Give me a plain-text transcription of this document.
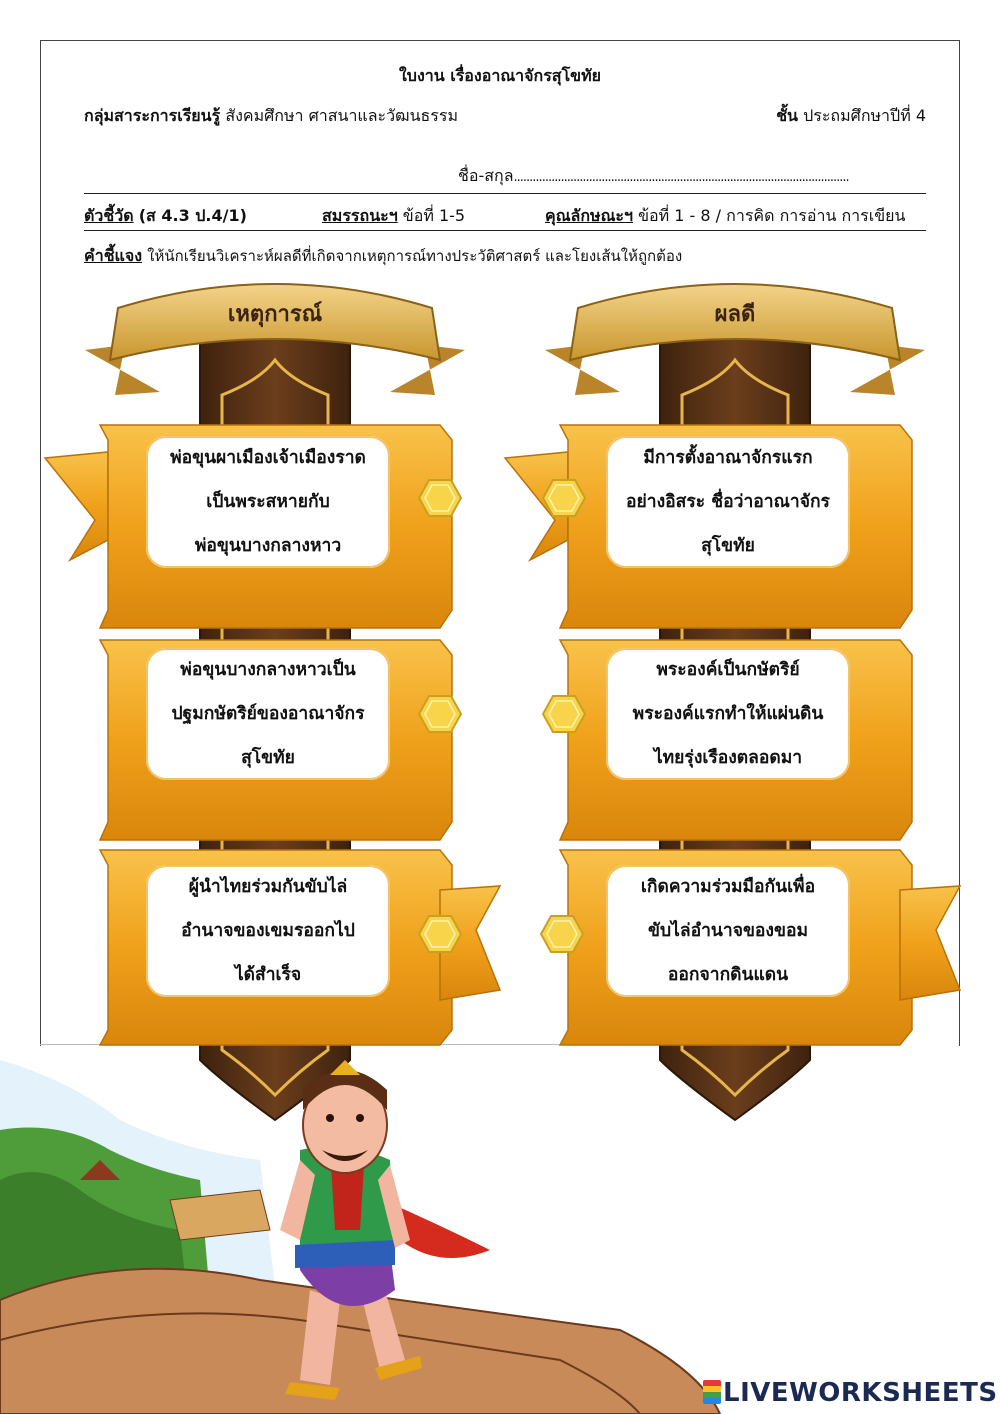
ใบงาน เรื่องอาณาจักรสุโขทัย
กลุ่มสาระการเรียนรู้ สังคมศึกษา ศาสนาและวัฒนธรรม	ชั้น ประถมศึกษาปีที่ 4
ชื่อ-สกุล...........................................................................................................
ตัวชี้วัด (ส 4.3 ป.4/1)	สมรรถนะฯ ข้อที่ 1-5	คุณลักษณะฯ ข้อที่ 1 - 8 / การคิด การอ่าน การเขียน
คำชี้แจง ให้นักเรียนวิเคราะห์ผลดีที่เกิดจากเหตุการณ์ทางประวัติศาสตร์ และโยงเส้นให้ถูกต้อง
เหตุการณ์	ผลดี
พ่อขุนผาเมืองเจ้าเมืองราด
เป็นพระสหายกับ
พ่อขุนบางกลางหาว
พ่อขุนบางกลางหาวเป็น
ปฐมกษัตริย์ของอาณาจักร
สุโขทัย
ผู้นำไทยร่วมกันขับไล่
อำนาจของเขมรออกไป
ได้สำเร็จ
มีการตั้งอาณาจักรแรก
อย่างอิสระ ชื่อว่าอาณาจักร
สุโขทัย
พระองค์เป็นกษัตริย์
พระองค์แรกทำให้แผ่นดิน
ไทยรุ่งเรืองตลอดมา
เกิดความร่วมมือกันเพื่อ
ขับไล่อำนาจของขอม
ออกจากดินแดน
LIVEWORKSHEETS
